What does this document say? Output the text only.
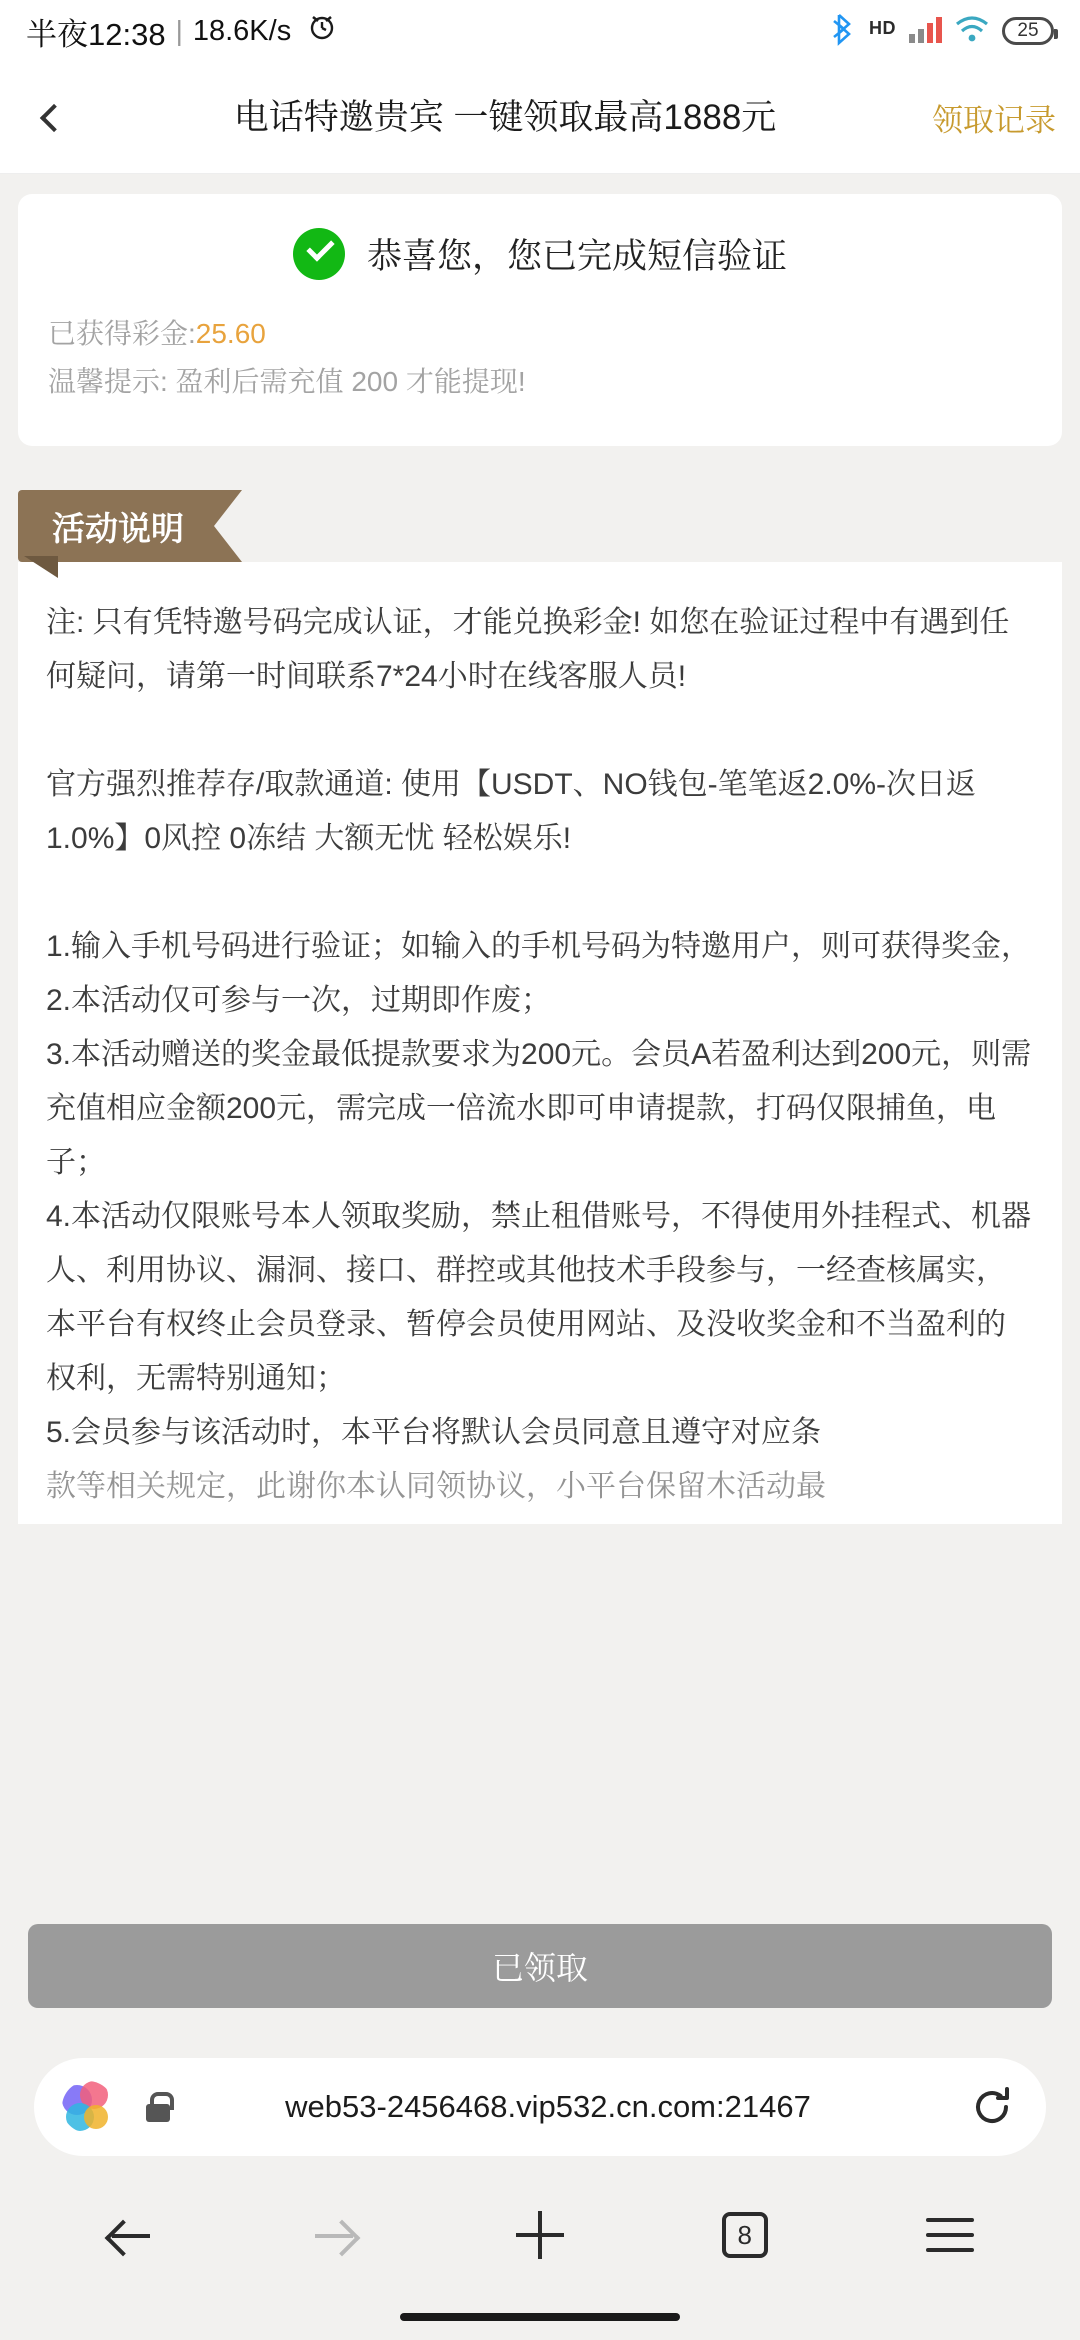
半夜12:38 | 18.6K/s	HD	25
电话特邀贵宾 一键领取最高1888元	领取记录
恭喜您，您已完成短信验证
已获得彩金:25.60
温馨提示: 盈利后需充值 200 才能提现!
活动说明

注: 只有凭特邀号码完成认证，才能兑换彩金! 如您在验证过程中有遇到任何疑问，请第一时间联系7*24小时在线客服人员!

官方强烈推荐存/取款通道: 使用【USDT、NO钱包-笔笔返2.0%-次日返1.0%】0风控 0冻结 大额无忧 轻松娱乐!

1.输入手机号码进行验证；如输入的手机号码为特邀用户，则可获得奖金，

2.本活动仅可参与一次，过期即作废；

3.本活动赠送的奖金最低提款要求为200元。会员A若盈利达到200元，则需充值相应金额200元，需完成一倍流水即可申请提款，打码仅限捕鱼，电子；

4.本活动仅限账号本人领取奖励，禁止租借账号，不得使用外挂程式、机器人、利用协议、漏洞、接口、群控或其他技术手段参与，一经查核属实，本平台有权终止会员登录、暂停会员使用网站、及没收奖金和不当盈利的权利，无需特别通知；

5.会员参与该活动时，本平台将默认会员同意且遵守对应条

款等相关规定，此谢你本认同领协议，小平台保留木活动最

已领取
web53-2456468.vip532.cn.com:21467
8
